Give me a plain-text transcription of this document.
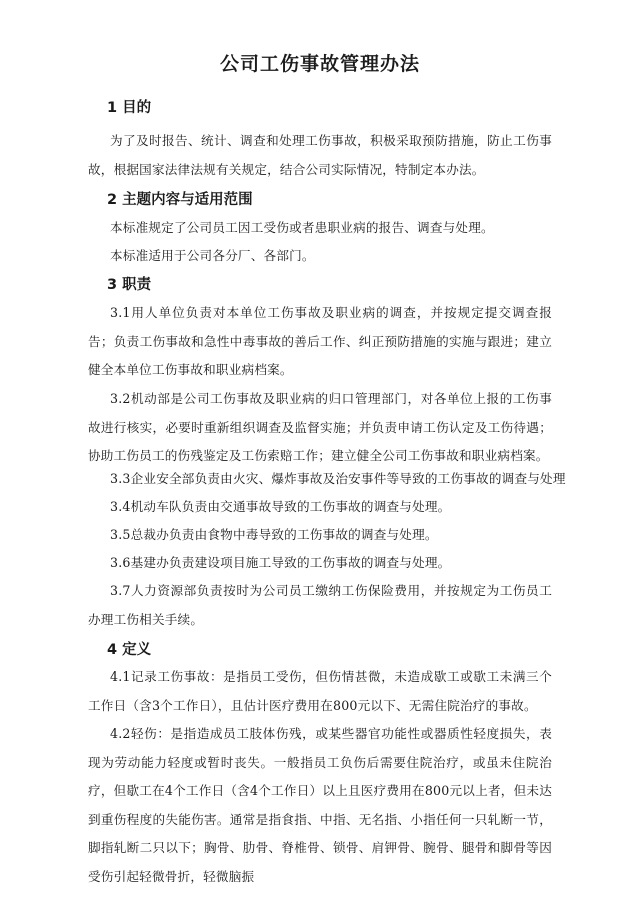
公司工伤事故管理办法
1 目的

为了及时报告、统计、调查和处理工伤事故，积极采取预防措施，防止工伤事故，根据国家法律法规有关规定，结合公司实际情况，特制定本办法。

2 主题内容与适用范围

本标准规定了公司员工因工受伤或者患职业病的报告、调查与处理。

本标准适用于公司各分厂、各部门。

3 职责

3.1用人单位负责对本单位工伤事故及职业病的调查，并按规定提交调查报告；负责工伤事故和急性中毒事故的善后工作、纠正预防措施的实施与跟进；建立健全本单位工伤事故和职业病档案。

3.2机动部是公司工伤事故及职业病的归口管理部门，对各单位上报的工伤事故进行核实，必要时重新组织调查及监督实施；并负责申请工伤认定及工伤待遇；协助工伤员工的伤残鉴定及工伤索赔工作；建立健全公司工伤事故和职业病档案。

3.3企业安全部负责由火灾、爆炸事故及治安事件等导致的工伤事故的调查与处理

3.4机动车队负责由交通事故导致的工伤事故的调查与处理。

3.5总裁办负责由食物中毒导致的工伤事故的调查与处理。

3.6基建办负责建设项目施工导致的工伤事故的调查与处理。

3.7人力资源部负责按时为公司员工缴纳工伤保险费用，并按规定为工伤员工办理工伤相关手续。

4 定义

4.1记录工伤事故：是指员工受伤，但伤情甚微，未造成歇工或歇工未满三个工作日（含3个工作日），且估计医疗费用在800元以下、无需住院治疗的事故。

4.2轻伤：是指造成员工肢体伤残，或某些器官功能性或器质性轻度损失，表现为劳动能力轻度或暂时丧失。一般指员工负伤后需要住院治疗，或虽未住院治疗，但歇工在4个工作日（含4个工作日）以上且医疗费用在800元以上者，但未达到重伤程度的失能伤害。通常是指食指、中指、无名指、小指任何一只轧断一节，脚指轧断二只以下；胸骨、肋骨、脊椎骨、锁骨、肩钾骨、腕骨、腿骨和脚骨等因受伤引起轻微骨折，轻微脑振
